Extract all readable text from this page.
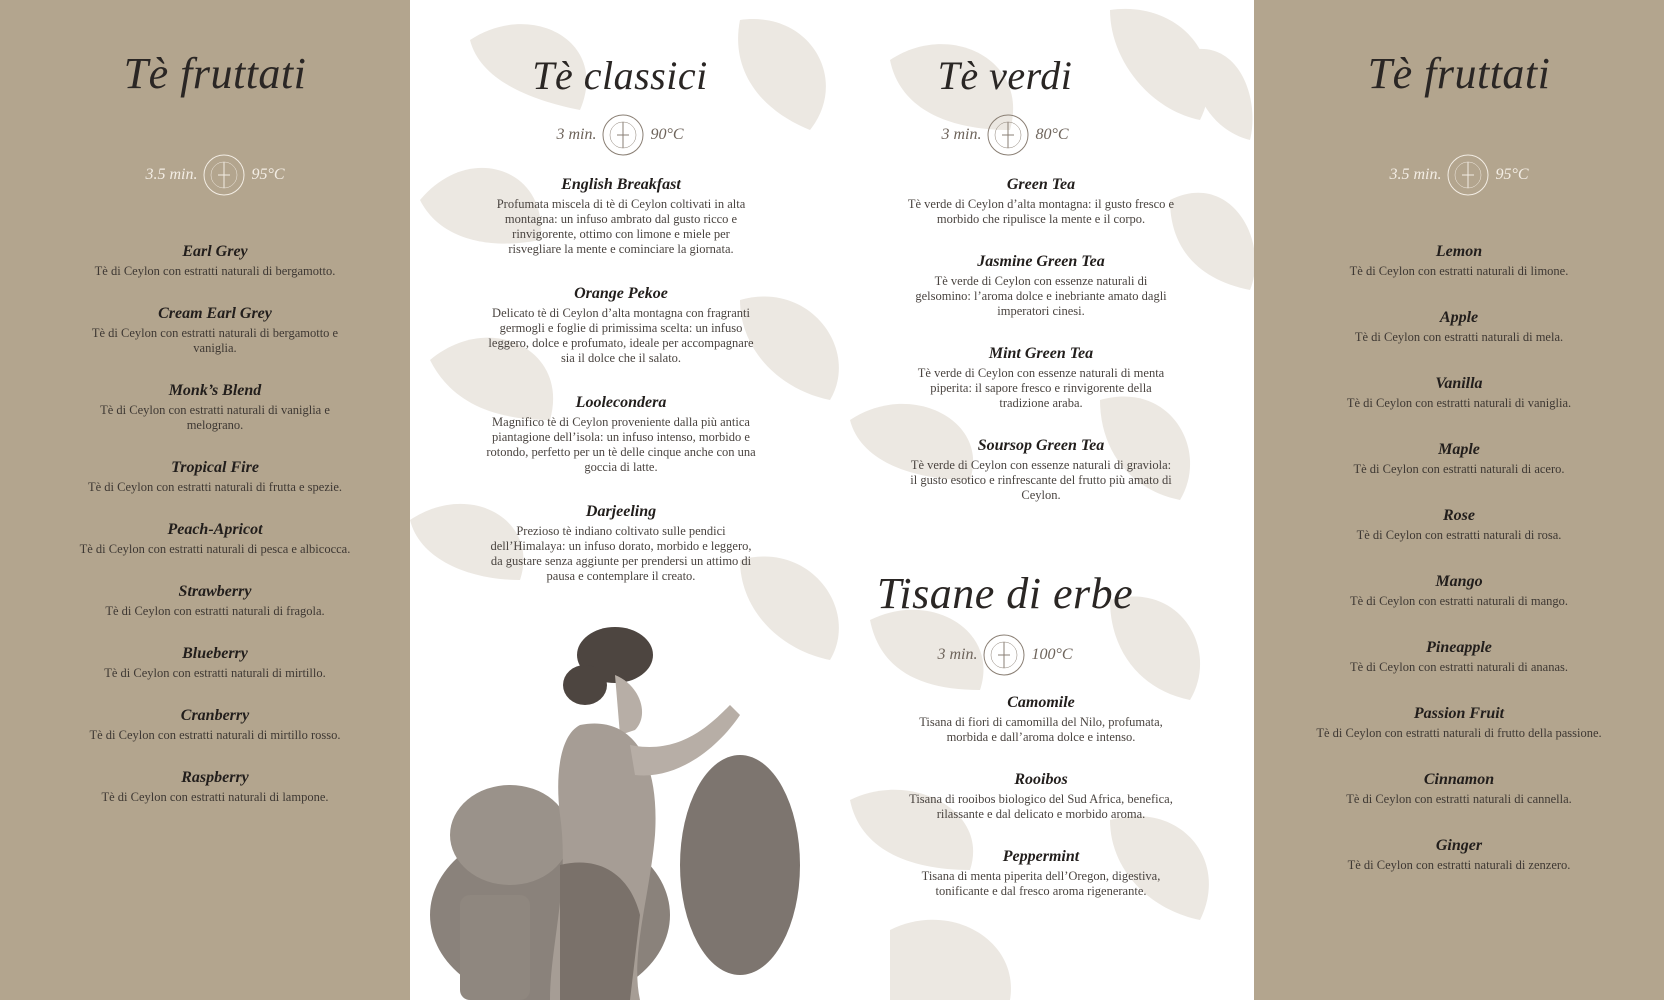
Tè fruttati
3.5 min.	95°C
Earl Grey
Tè di Ceylon con estratti naturali di bergamotto.
Cream Earl Grey
Tè di Ceylon con estratti naturali di bergamotto e vaniglia.
Monk’s Blend
Tè di Ceylon con estratti naturali di vaniglia e melograno.
Tropical Fire
Tè di Ceylon con estratti naturali di frutta e spezie.
Peach-Apricot
Tè di Ceylon con estratti naturali di pesca e albicocca.
Strawberry
Tè di Ceylon con estratti naturali di fragola.
Blueberry
Tè di Ceylon con estratti naturali di mirtillo.
Cranberry
Tè di Ceylon con estratti naturali di mirtillo rosso.
Raspberry
Tè di Ceylon con estratti naturali di lampone.
Tè classici
3 min.	90°C
English Breakfast
Profumata miscela di tè di Ceylon coltivati in alta montagna: un infuso ambrato dal gusto ricco e rinvigorente, ottimo con limone e miele per risvegliare la mente e cominciare la giornata.
Orange Pekoe
Delicato tè di Ceylon d’alta montagna con fragranti germogli e foglie di primissima scelta: un infuso leggero, dolce e profumato, ideale per accompagnare sia il dolce che il salato.
Loolecondera
Magnifico tè di Ceylon proveniente dalla più antica piantagione dell’isola: un infuso intenso, morbido e rotondo, perfetto per un tè delle cinque anche con una goccia di latte.
Darjeeling
Prezioso tè indiano coltivato sulle pendici dell’Himalaya: un infuso dorato, morbido e leggero, da gustare senza aggiunte per prendersi un attimo di pausa e contemplare il creato.
Tè verdi
3 min.	80°C
Green Tea
Tè verde di Ceylon d’alta montagna: il gusto fresco e morbido che ripulisce la mente e il corpo.
Jasmine Green Tea
Tè verde di Ceylon con essenze naturali di gelsomino: l’aroma dolce e inebriante amato dagli imperatori cinesi.
Mint Green Tea
Tè verde di Ceylon con essenze naturali di menta piperita: il sapore fresco e rinvigorente della tradizione araba.
Soursop Green Tea
Tè verde di Ceylon con essenze naturali di graviola: il gusto esotico e rinfrescante del frutto più amato di Ceylon.
Tisane di erbe
3 min.	100°C
Camomile
Tisana di fiori di camomilla del Nilo, profumata, morbida e dall’aroma dolce e intenso.
Rooibos
Tisana di rooibos biologico del Sud Africa, benefica, rilassante e dal delicato e morbido aroma.
Peppermint
Tisana di menta piperita dell’Oregon, digestiva, tonificante e dal fresco aroma rigenerante.
Tè fruttati
3.5 min.	95°C
Lemon
Tè di Ceylon con estratti naturali di limone.
Apple
Tè di Ceylon con estratti naturali di mela.
Vanilla
Tè di Ceylon con estratti naturali di vaniglia.
Maple
Tè di Ceylon con estratti naturali di acero.
Rose
Tè di Ceylon con estratti naturali di rosa.
Mango
Tè di Ceylon con estratti naturali di mango.
Pineapple
Tè di Ceylon con estratti naturali di ananas.
Passion Fruit
Tè di Ceylon con estratti naturali di frutto della passione.
Cinnamon
Tè di Ceylon con estratti naturali di cannella.
Ginger
Tè di Ceylon con estratti naturali di zenzero.
